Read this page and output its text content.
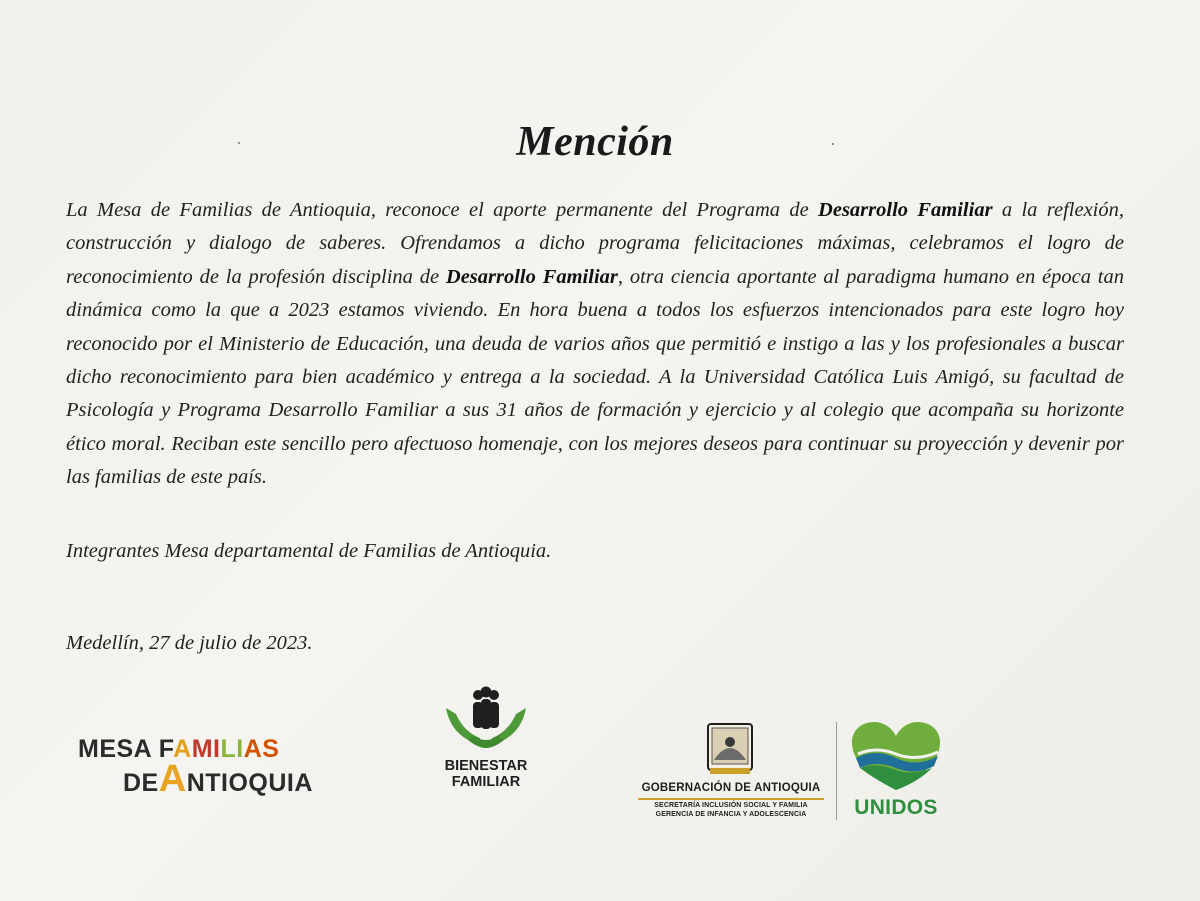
Mención

La Mesa de Familias de Antioquia, reconoce el aporte permanente del Programa de Desarrollo Familiar a la reflexión, construcción y dialogo de saberes. Ofrendamos a dicho programa felicitaciones máximas, celebramos el logro de reconocimiento de la profesión disciplina de Desarrollo Familiar, otra ciencia aportante al paradigma humano en época tan dinámica como la que a 2023 estamos viviendo. En hora buena a todos los esfuerzos intencionados para este logro hoy reconocido por el Ministerio de Educación, una deuda de varios años que permitió e instigo a las y los profesionales a buscar dicho reconocimiento para bien académico y entrega a la sociedad. A la Universidad Católica Luis Amigó, su facultad de Psicología y Programa Desarrollo Familiar a sus 31 años de formación y ejercicio y al colegio que acompaña su horizonte ético moral. Reciban este sencillo pero afectuoso homenaje, con los mejores deseos para continuar su proyección y devenir por las familias de este país.

Integrantes Mesa departamental de Familias de Antioquia.
Medellín, 27 de julio de 2023.
MESA FAMILIAS
DEANTIOQUIA
BIENESTAR
FAMILIAR	GOBERNACIÓN DE ANTIOQUIA
SECRETARÍA INCLUSIÓN SOCIAL Y FAMILIA
GERENCIA DE INFANCIA Y ADOLESCENCIA	UNIDOS
